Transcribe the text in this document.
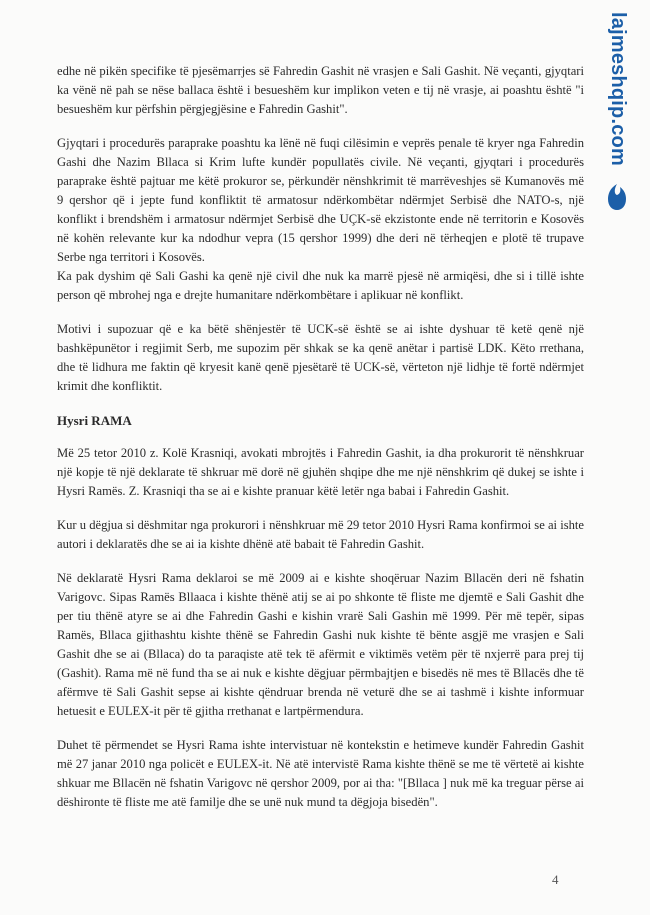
lajmeshqip.com

edhe në pikën specifike të pjesëmarrjes së Fahredin Gashit në vrasjen e Sali Gashit. Në veçanti, gjyqtari ka vënë në pah se nëse ballaca është i besueshëm kur implikon veten e tij në vrasje, ai poashtu është "i besueshëm kur përfshin përgjegjësine e Fahredin Gashit".

Gjyqtari i procedurës paraprake poashtu ka lënë në fuqi cilësimin e veprës penale të kryer nga Fahredin Gashi dhe Nazim Bllaca si Krim lufte kundër popullatës civile. Në veçanti, gjyqtari i procedurës paraprake është pajtuar me këtë prokuror se, përkundër nënshkrimit të marrëveshjes së Kumanovës më 9 qershor që i jepte fund konfliktit të armatosur ndërkombëtar ndërmjet Serbisë dhe NATO-s, një konflikt i brendshëm i armatosur ndërmjet Serbisë dhe UÇK-së ekzistonte ende në territorin e Kosovës në kohën relevante kur ka ndodhur vepra (15 qershor 1999) dhe deri në tërheqjen e plotë të trupave Serbe nga territori i Kosovës.

Ka pak dyshim që Sali Gashi ka qenë një civil dhe nuk ka marrë pjesë në armiqësi, dhe si i tillë ishte person që mbrohej nga e drejte humanitare ndërkombëtare i aplikuar në konflikt.

Motivi i supozuar që e ka bëtë shënjestër të UCK-së është se ai ishte dyshuar të ketë qenë një bashkëpunëtor i regjimit Serb, me supozim për shkak se ka qenë anëtar i partisë LDK. Këto rrethana, dhe të lidhura me faktin që kryesit kanë qenë pjesëtarë të UCK-së, vërteton një lidhje të fortë ndërmjet krimit dhe konfliktit.

Hysri RAMA

Më 25 tetor 2010 z. Kolë Krasniqi, avokati mbrojtës i Fahredin Gashit, ia dha prokurorit të nënshkruar një kopje të një deklarate të shkruar më dorë në gjuhën shqipe dhe me një nënshkrim që dukej se ishte i Hysri Ramës. Z. Krasniqi tha se ai e kishte pranuar këtë letër nga babai i Fahredin Gashit.

Kur u dëgjua si dëshmitar nga prokurori i nënshkruar më 29 tetor 2010 Hysri Rama konfirmoi se ai ishte autori i deklaratës dhe se ai ia kishte dhënë atë babait të Fahredin Gashit.

Në deklaratë Hysri Rama deklaroi se më 2009 ai e kishte shoqëruar Nazim Bllacën deri në fshatin Varigovc. Sipas Ramës Bllaaca i kishte thënë atij se ai po shkonte të fliste me djemtë e Sali Gashit dhe per tiu thënë atyre se ai dhe Fahredin Gashi e kishin vrarë Sali Gashin më 1999. Për më tepër, sipas Ramës, Bllaca gjithashtu kishte thënë se Fahredin Gashi nuk kishte të bënte asgjë me vrasjen e Sali Gashit dhe se ai (Bllaca) do ta paraqiste atë tek të afërmit e viktimës vetëm për të nxjerrë para prej tij (Gashit). Rama më në fund tha se ai nuk e kishte dëgjuar përmbajtjen e bisedës në mes të Bllacës dhe të afërmve të Sali Gashit sepse ai kishte qëndruar brenda në veturë dhe se ai tashmë i kishte informuar hetuesit e EULEX-it për të gjitha rrethanat e lartpërmendura.

Duhet të përmendet se Hysri Rama ishte intervistuar në kontekstin e hetimeve kundër Fahredin Gashit më 27 janar 2010 nga policët e EULEX-it. Në atë intervistë Rama kishte thënë se me të vërtetë ai kishte shkuar me Bllacën në fshatin Varigovc në qershor 2009, por ai tha: "[Bllaca ] nuk më ka treguar përse ai dëshironte të fliste me atë familje dhe se unë nuk mund ta dëgjoja bisedën".

4
